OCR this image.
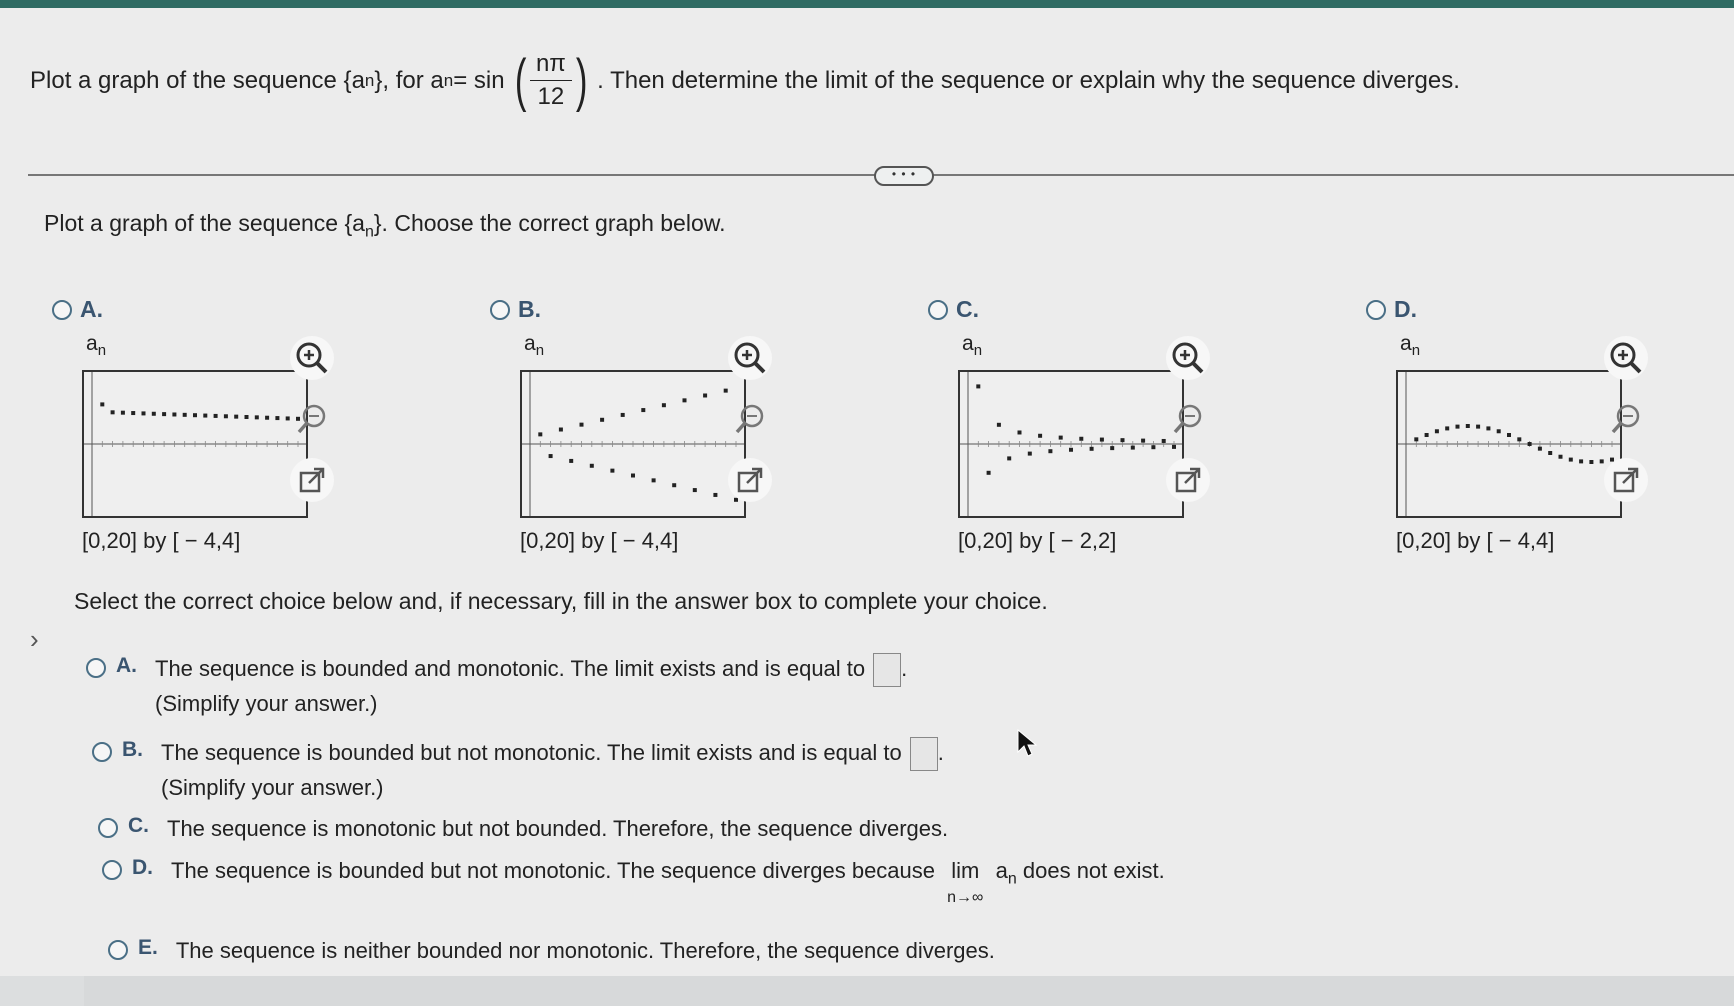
Plot a graph of the sequence {a n }, for a n = sin ( $\frac{n\pi}{12}$ ) . Then determine the limit of the sequence or explain why the sequence diverges.
• • •
Plot a graph of the sequence $\{a_n\}$. Choose the correct graph below.
A.
$a_n$
[0,20] by [ − 4,4]
B.
$a_n$
[0,20] by [ − 4,4]
C.
$a_n$
[0,20] by [ − 2,2]
D.
$a_n$
[0,20] by [ − 4,4]
›
Select the correct choice below and, if necessary, fill in the answer box to complete your choice.
A. The sequence is bounded and monotonic. The limit exists and is equal to .
(Simplify your answer.)
B. The sequence is bounded but not monotonic. The limit exists and is equal to .
(Simplify your answer.)
C. The sequence is monotonic but not bounded. Therefore, the sequence diverges.
D. The sequence is bounded but not monotonic. The sequence diverges because lim
n→∞
$a_n$ does not exist.
E. The sequence is neither bounded nor monotonic. Therefore, the sequence diverges.
